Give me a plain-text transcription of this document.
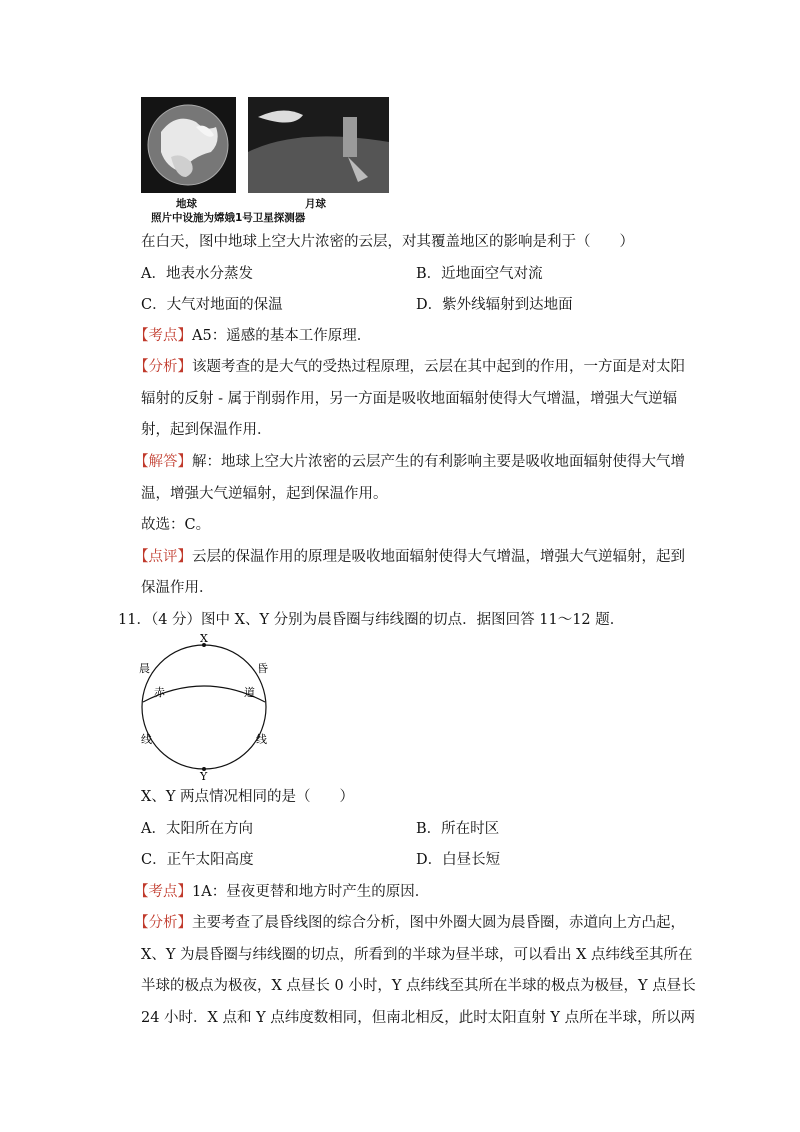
地球	月球
照片中设施为嫦娥1号卫星探测器
在白天，图中地球上空大片浓密的云层，对其覆盖地区的影响是利于（　　）
A．地表水分蒸发	B．近地面空气对流
C．大气对地面的保温	D．紫外线辐射到达地面
【考点】A5：遥感的基本工作原理．
【分析】该题考查的是大气的受热过程原理，云层在其中起到的作用，一方面是对太阳
辐射的反射 - 属于削弱作用，另一方面是吸收地面辐射使得大气增温，增强大气逆辐
射，起到保温作用．
【解答】解：地球上空大片浓密的云层产生的有利影响主要是吸收地面辐射使得大气增
温，增强大气逆辐射，起到保温作用。
故选：C。
【点评】云层的保温作用的原理是吸收地面辐射使得大气增温，增强大气逆辐射，起到
保温作用．
11．（4 分）图中 X、Y 分别为晨昏圈与纬线圈的切点．据图回答 11～12 题．
X
Y
晨	昏
赤	道
线	线
X、Y 两点情况相同的是（　　）
A．太阳所在方向	B．所在时区
C．正午太阳高度	D．白昼长短
【考点】1A：昼夜更替和地方时产生的原因．
【分析】主要考查了晨昏线图的综合分析，图中外圈大圆为晨昏圈，赤道向上方凸起，
X、Y 为晨昏圈与纬线圈的切点，所看到的半球为昼半球，可以看出 X 点纬线至其所在
半球的极点为极夜，X 点昼长 0 小时，Y 点纬线至其所在半球的极点为极昼，Y 点昼长
24 小时．X 点和 Y 点纬度数相同，但南北相反，此时太阳直射 Y 点所在半球，所以两
